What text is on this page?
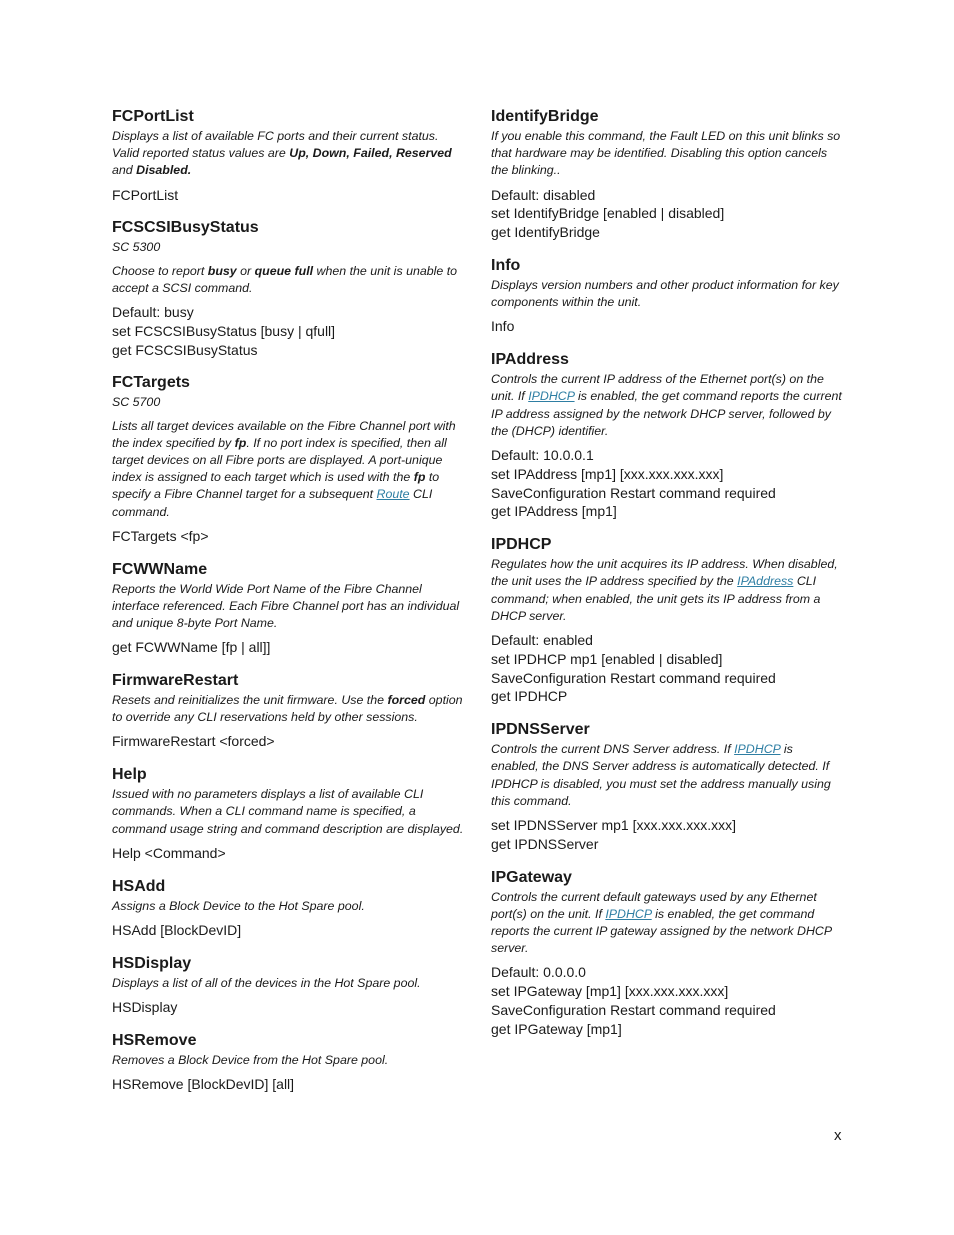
FCPortList
Displays a list of available FC ports and their current status. Valid reported status values are Up, Down, Failed, Reserved and Disabled.
FCPortList
FCSCSIBusyStatus
SC 5300
Choose to report busy or queue full when the unit is unable to accept a SCSI command.
Default: busy
set FCSCSIBusyStatus [busy | qfull]
get FCSCSIBusyStatus
FCTargets
SC 5700
Lists all target devices available on the Fibre Channel port with the index specified by fp. If no port index is specified, then all target devices on all Fibre ports are displayed. A port-unique index is assigned to each target which is used with the fp to specify a Fibre Channel target for a subsequent Route CLI command.
FCTargets <fp>
FCWWName
Reports the World Wide Port Name of the Fibre Channel interface referenced. Each Fibre Channel port has an individual and unique 8-byte Port Name.
get FCWWName [fp | all]]
FirmwareRestart
Resets and reinitializes the unit firmware. Use the forced option to override any CLI reservations held by other sessions.
FirmwareRestart <forced>
Help
Issued with no parameters displays a list of available CLI commands. When a CLI command name is specified, a command usage string and command description are displayed.
Help <Command>
HSAdd
Assigns a Block Device to the Hot Spare pool.
HSAdd [BlockDevID]
HSDisplay
Displays a list of all of the devices in the Hot Spare pool.
HSDisplay
HSRemove
Removes a Block Device from the Hot Spare pool.
HSRemove [BlockDevID] [all]
IdentifyBridge
If you enable this command, the Fault LED on this unit blinks so that hardware may be identified. Disabling this option cancels the blinking..
Default: disabled
set IdentifyBridge [enabled | disabled]
get IdentifyBridge
Info
Displays version numbers and other product information for key components within the unit.
Info
IPAddress
Controls the current IP address of the Ethernet port(s) on the unit. If IPDHCP is enabled, the get command reports the current IP address assigned by the network DHCP server, followed by the (DHCP) identifier.
Default: 10.0.0.1
set IPAddress [mp1] [xxx.xxx.xxx.xxx]
SaveConfiguration Restart command required
get IPAddress [mp1]
IPDHCP
Regulates how the unit acquires its IP address. When disabled, the unit uses the IP address specified by the IPAddress CLI command; when enabled, the unit gets its IP address from a DHCP server.
Default: enabled
set IPDHCP mp1 [enabled | disabled]
SaveConfiguration Restart command required
get IPDHCP
IPDNSServer
Controls the current DNS Server address. If IPDHCP is enabled, the DNS Server address is automatically detected. If IPDHCP is disabled, you must set the address manually using this command.
set IPDNSServer mp1 [xxx.xxx.xxx.xxx]
get IPDNSServer
IPGateway
Controls the current default gateways used by any Ethernet port(s) on the unit. If IPDHCP is enabled, the get command reports the current IP gateway assigned by the network DHCP server.
Default: 0.0.0.0
set IPGateway [mp1] [xxx.xxx.xxx.xxx]
SaveConfiguration Restart command required
get IPGateway [mp1]
x
